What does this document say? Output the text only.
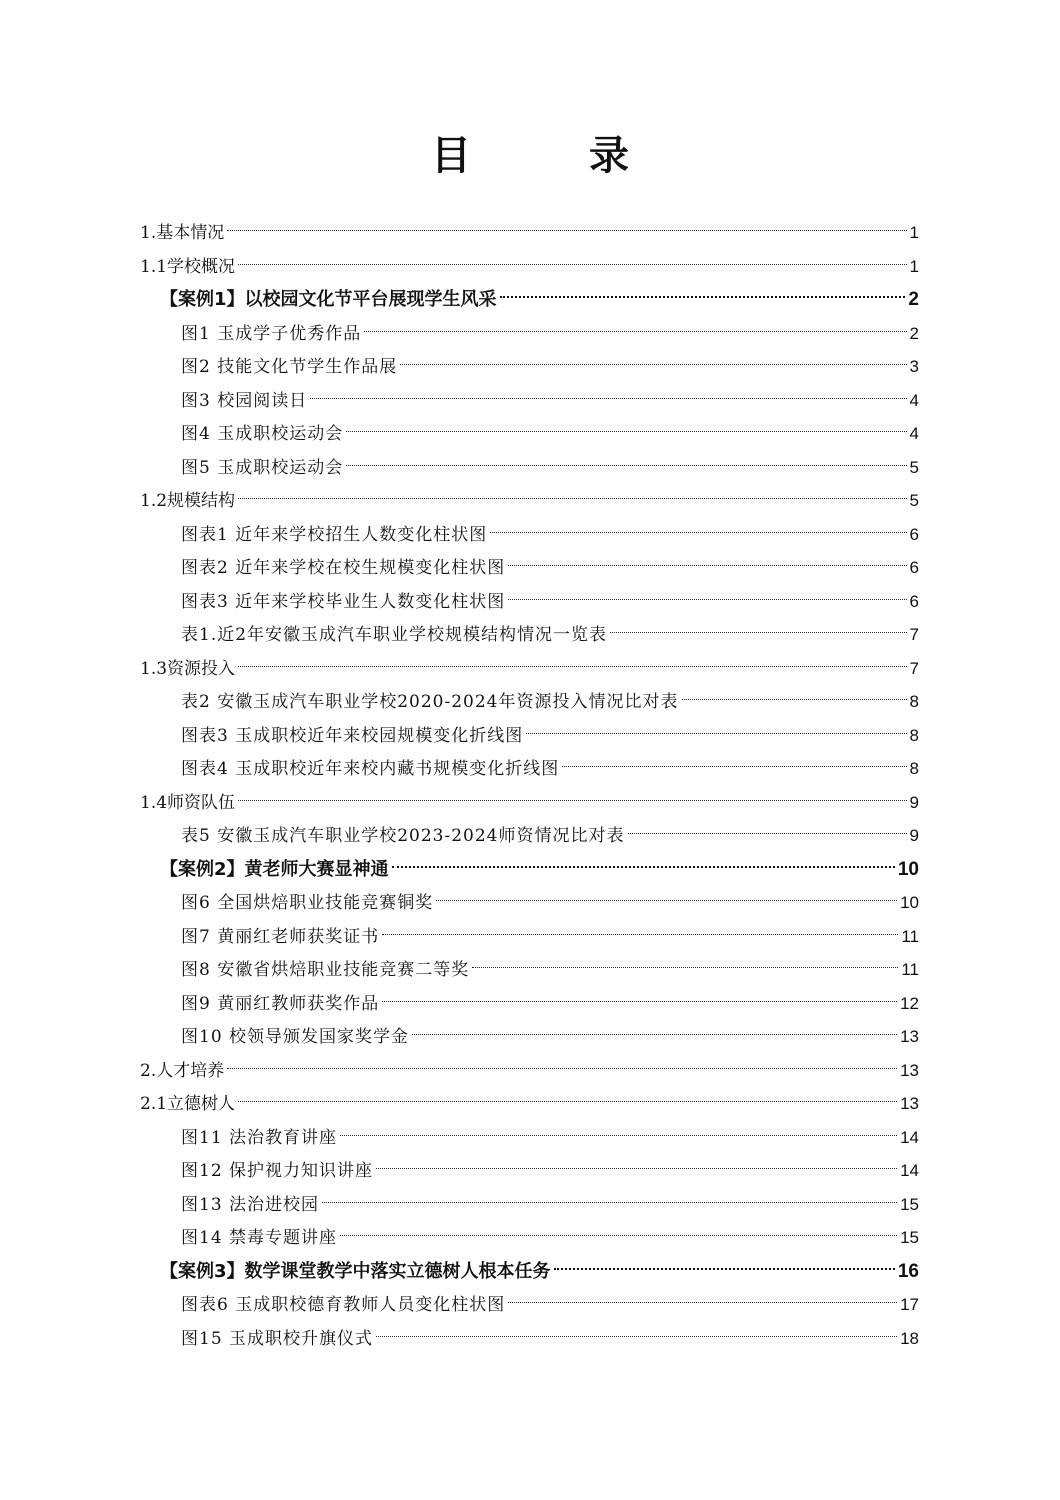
目 录
1.基本情况	1
1.1学校概况	1
【案例1】以校园文化节平台展现学生风采	2
图1 玉成学子优秀作品	2
图2 技能文化节学生作品展	3
图3 校园阅读日	4
图4 玉成职校运动会	4
图5 玉成职校运动会	5
1.2规模结构	5
图表1 近年来学校招生人数变化柱状图	6
图表2 近年来学校在校生规模变化柱状图	6
图表3 近年来学校毕业生人数变化柱状图	6
表1.近2年安徽玉成汽车职业学校规模结构情况一览表	7
1.3资源投入	7
表2 安徽玉成汽车职业学校2020-2024年资源投入情况比对表	8
图表3 玉成职校近年来校园规模变化折线图	8
图表4 玉成职校近年来校内藏书规模变化折线图	8
1.4师资队伍	9
表5 安徽玉成汽车职业学校2023-2024师资情况比对表	9
【案例2】黄老师大赛显神通	10
图6 全国烘焙职业技能竞赛铜奖	10
图7 黄丽红老师获奖证书	11
图8 安徽省烘焙职业技能竞赛二等奖	11
图9 黄丽红教师获奖作品	12
图10 校领导颁发国家奖学金	13
2.人才培养	13
2.1立德树人	13
图11 法治教育讲座	14
图12 保护视力知识讲座	14
图13 法治进校园	15
图14 禁毒专题讲座	15
【案例3】数学课堂教学中落实立德树人根本任务	16
图表6 玉成职校德育教师人员变化柱状图	17
图15 玉成职校升旗仪式	18
